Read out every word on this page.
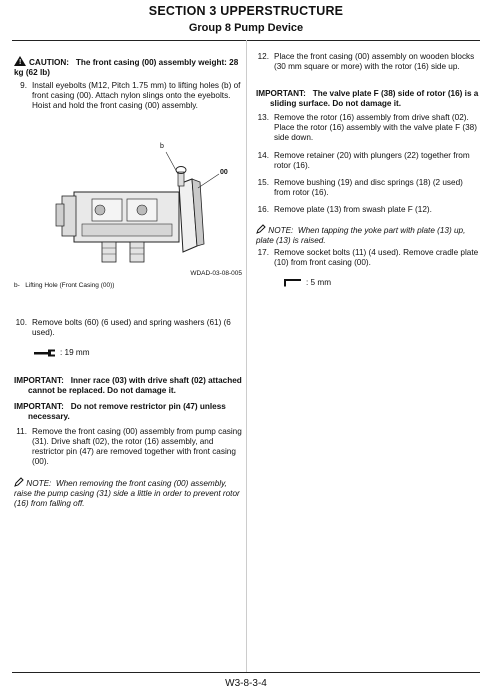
SECTION 3 UPPERSTRUCTURE
Group 8 Pump Device
! CAUTION: The front casing (00) assembly weight: 28 kg (62 lb)
9. Install eyebolts (M12, Pitch 1.75 mm) to lifting holes (b) of front casing (00). Attach nylon slings onto the eyebolts. Hoist and hold the front casing (00) assembly.
b
00
WDAD-03-08-005
b-   Lifting Hole (Front Casing (00))
10. Remove bolts (60) (6 used) and spring washers (61) (6 used).
: 19 mm
IMPORTANT: Inner race (03) with drive shaft (02) attached cannot be replaced. Do not damage it.
IMPORTANT: Do not remove restrictor pin (47) unless necessary.
11. Remove the front casing (00) assembly from pump casing (31). Drive shaft (02), the rotor (16) assembly, and restrictor pin (47) are removed together with front casing (00).
NOTE: When removing the front casing (00) assembly, raise the pump casing (31) side a little in order to prevent rotor (16) from falling off.
12. Place the front casing (00) assembly on wooden blocks (30 mm square or more) with the rotor (16) side up.
IMPORTANT: The valve plate F (38) side of rotor (16) is a sliding surface. Do not damage it.
13. Remove the rotor (16) assembly from drive shaft (02). Place the rotor (16) assembly with the valve plate F (38) side down.
14. Remove retainer (20) with plungers (22) together from rotor (16).
15. Remove bushing (19) and disc springs (18) (2 used) from rotor (16).
16. Remove plate (13) from swash plate F (12).
NOTE: When tapping the yoke part with plate (13) up, plate (13) is raised.
17. Remove socket bolts (11) (4 used). Remove cradle plate (10) from front casing (00).
: 5 mm
W3-8-3-4
